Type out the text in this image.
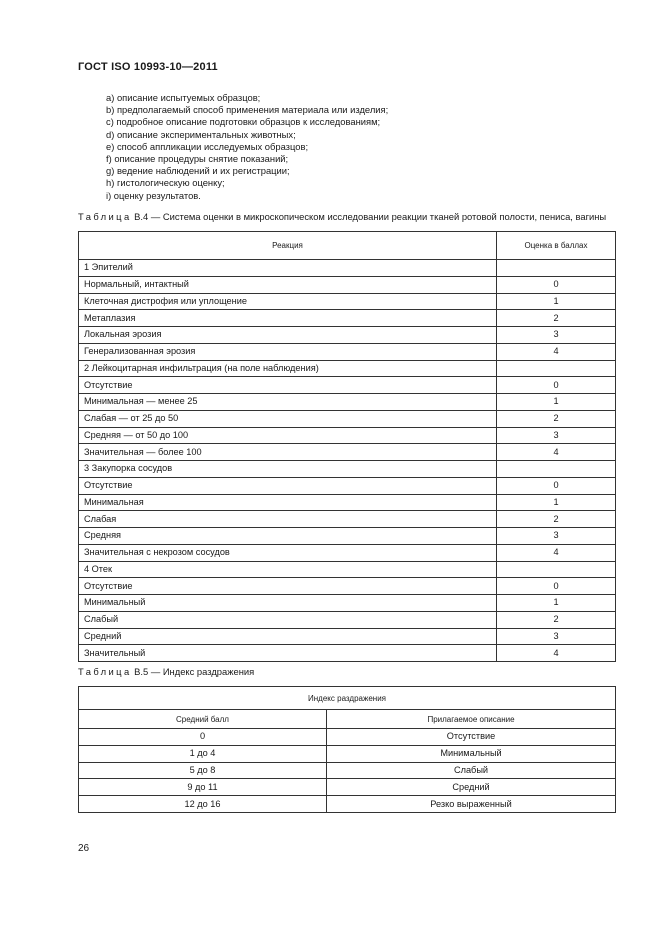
ГОСТ ISO 10993-10—2011
а) описание испытуемых образцов;
b) предполагаемый способ применения материала или изделия;
с) подробное описание подготовки образцов к исследованиям;
d) описание экспериментальных животных;
е) способ аппликации исследуемых образцов;
f) описание процедуры снятие показаний;
g) ведение наблюдений и их регистрации;
h) гистологическую оценку;
i) оценку результатов.
Таблица В.4 — Система оценки в микроскопическом исследовании реакции тканей ротовой полости, пениса, вагины
Реакция	Оценка в баллах
1 Эпителий	
Нормальный, интактный	0
Клеточная дистрофия или уплощение	1
Метаплазия	2
Локальная эрозия	3
Генерализованная эрозия	4
2 Лейкоцитарная инфильтрация (на поле наблюдения)	
Отсутствие	0
Минимальная — менее 25	1
Слабая — от 25 до 50	2
Средняя — от 50 до 100	3
Значительная — более 100	4
3 Закупорка сосудов	
Отсутствие	0
Минимальная	1
Слабая	2
Средняя	3
Значительная с некрозом сосудов	4
4 Отек	
Отсутствие	0
Минимальный	1
Слабый	2
Средний	3
Значительный	4
Таблица В.5 — Индекс раздражения
Индекс раздражения	
Средний балл	Прилагаемое описание
0	Отсутствие
1 до 4	Минимальный
5 до 8	Слабый
9 до 11	Средний
12 до 16	Резко выраженный
26
